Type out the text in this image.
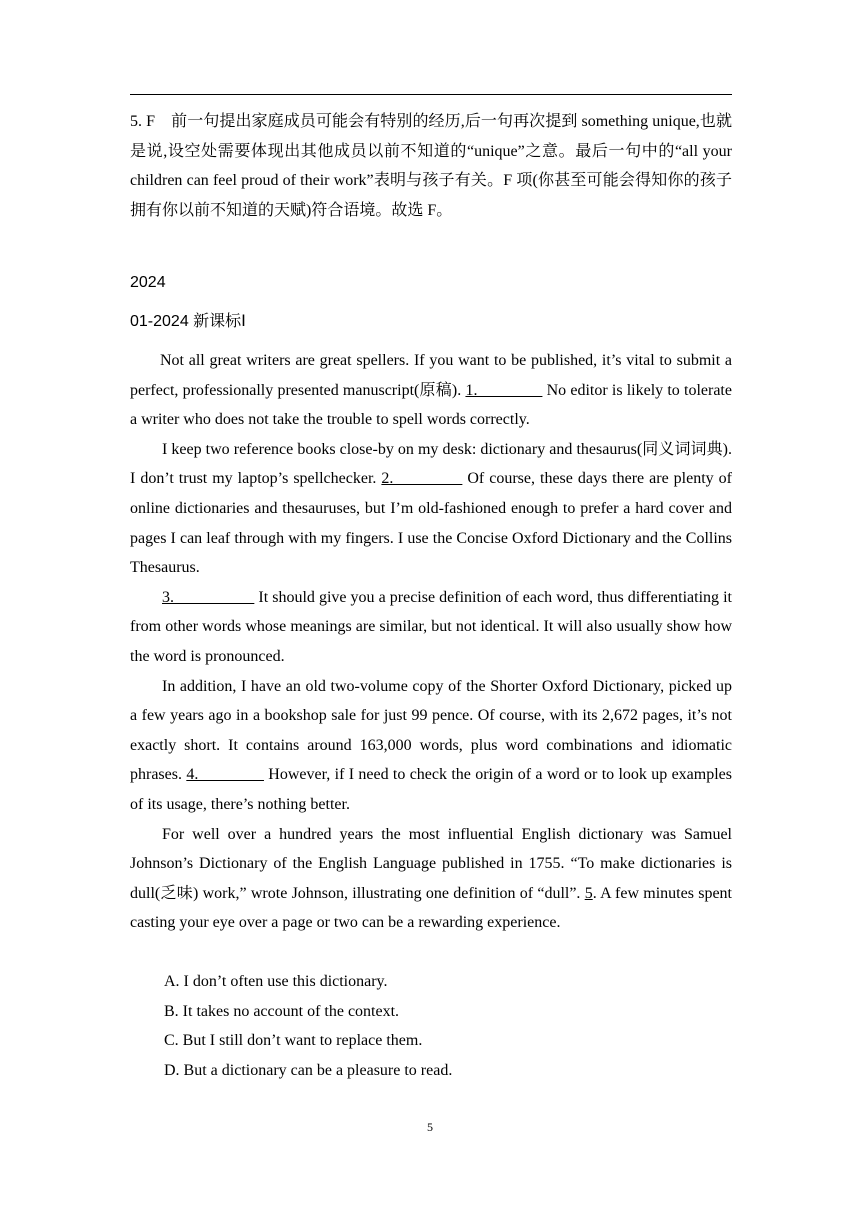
5. F　前一句提出家庭成员可能会有特别的经历,后一句再次提到 something unique,也就是说,设空处需要体现出其他成员以前不知道的“unique”之意。最后一句中的“all your children can feel proud of their work”表明与孩子有关。F 项(你甚至可能会得知你的孩子拥有你以前不知道的天赋)符合语境。故选 F。
2024
01-2024 新课标Ⅰ

Not all great writers are great spellers. If you want to be published, it’s vital to submit a perfect, professionally presented manuscript(原稿). 1.　　　　 No editor is likely to tolerate a writer who does not take the trouble to spell words correctly.

I keep two reference books close-by on my desk: dictionary and thesaurus(同义词词典). I don’t trust my laptop’s spellchecker. 2.　　　　 Of course, these days there are plenty of online dictionaries and thesauruses, but I’m old-fashioned enough to prefer a hard cover and pages I can leaf through with my fingers. I use the Concise Oxford Dictionary and the Collins Thesaurus.

3.　　　　　 It should give you a precise definition of each word, thus differentiating it from other words whose meanings are similar, but not identical. It will also usually show how the word is pronounced.

In addition, I have an old two-volume copy of the Shorter Oxford Dictionary, picked up a few years ago in a bookshop sale for just 99 pence. Of course, with its 2,672 pages, it’s not exactly short. It contains around 163,000 words, plus word combinations and idiomatic phrases. 4.　　　　 However, if I need to check the origin of a word or to look up examples of its usage, there’s nothing better.

For well over a hundred years the most influential English dictionary was Samuel Johnson’s Dictionary of the English Language published in 1755. “To make dictionaries is dull(乏味) work,” wrote Johnson, illustrating one definition of “dull”. 5. A few minutes spent casting your eye over a page or two can be a rewarding experience.

A. I don’t often use this dictionary.
B. It takes no account of the context.
C. But I still don’t want to replace them.
D. But a dictionary can be a pleasure to read.
5
